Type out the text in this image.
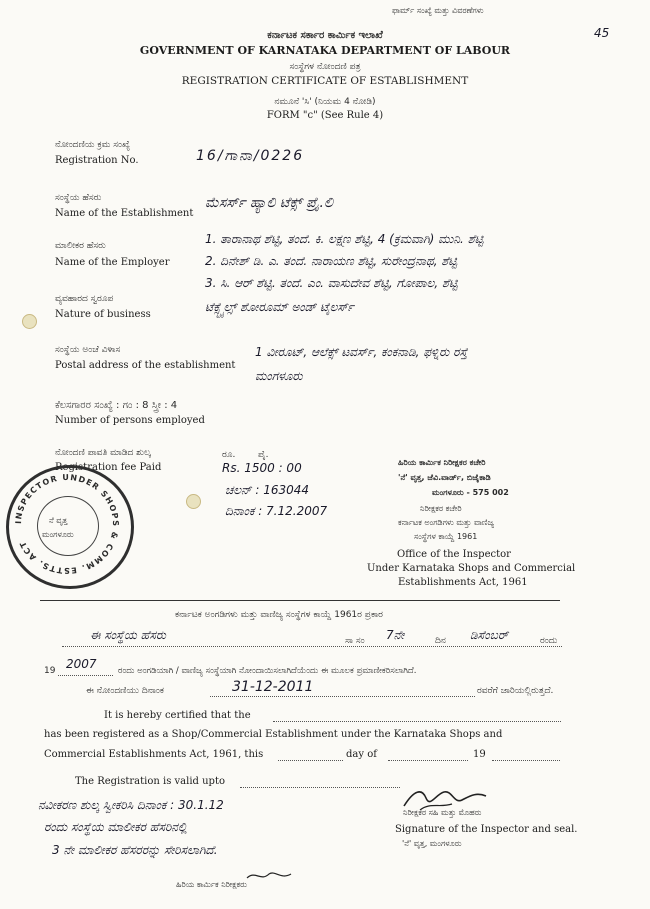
ಫಾರ್ಮ್ ಸಂಖ್ಯೆ ಮತ್ತು ವಿವರಣೆಗಳು
45
ಕರ್ನಾಟಕ ಸರ್ಕಾರ ಕಾರ್ಮಿಕ ಇಲಾಖೆ
GOVERNMENT OF KARNATAKA DEPARTMENT OF LABOUR
ಸಂಸ್ಥೆಗಳ ನೋಂದಣಿ ಪತ್ರ
REGISTRATION CERTIFICATE OF ESTABLISHMENT
ನಮೂನೆ 'ಸಿ' (ನಿಯಮ 4 ನೋಡಿ)
FORM "c" (See Rule 4)
ನೋಂದಣಿಯ ಕ್ರಮ ಸಂಖ್ಯೆ
Registration No.	16/ಗಾನಾ/0226
ಸಂಸ್ಥೆಯ ಹೆಸರು
Name of the Establishment
ಮೆಸರ್ಸ್ ಹ್ಯಾಲಿ ಟೆಕ್ಸ್ ಪ್ರೈ.ಲಿ
ಮಾಲೀಕರ ಹೆಸರು
Name of the Employer
1. ತಾರಾನಾಥ ಶೆಟ್ಟಿ, ತಂದೆ. ಕಿ. ಲಕ್ಷ್ಮಣ ಶೆಟ್ಟಿ, 4 (ಕ್ರಮವಾಗಿ) ಮುನಿ. ಶೆಟ್ಟಿ
2. ದಿನೇಶ್ ಡಿ. ಎ. ತಂದೆ. ನಾರಾಯಣ ಶೆಟ್ಟಿ, ಸುರೇಂದ್ರನಾಥ, ಶೆಟ್ಟಿ
3. ಸಿ. ಆರ್ ಶೆಟ್ಟಿ. ತಂದೆ. ಎಂ. ವಾಸುದೇವ ಶೆಟ್ಟಿ, ಗೋಪಾಲ, ಶೆಟ್ಟಿ
ವ್ಯವಹಾರದ ಸ್ವರೂಪ
Nature of business
ಟೆಕ್ಸ್ಟೈಲ್ಸ್ ಶೋರೂಮ್ ಅಂಡ್ ಟೈಲರ್ಸ್
ಸಂಸ್ಥೆಯ ಅಂಚೆ ವಿಳಾಸ
Postal address of the establishment
1 ವೀರೂಟ್, ಆಲೆಕ್ಸ್ ಟವರ್ಸ್, ಕಂಕನಾಡಿ, ಫಳ್ನಿರು ರಸ್ತೆ
ಮಂಗಳೂರು
ಕೆಲಸಗಾರರ ಸಂಖ್ಯೆ : ಗಂ : 8 ಸ್ತ್ರೀ : 4
Number of persons employed
ನೋಂದಣಿ ಪಾವತಿ ಮಾಡಿದ ಶುಲ್ಕ
Registration fee Paid
ರೂ.	ಪೈ.
Rs. 1500 : 00
ಚಲನ್ : 163044
ದಿನಾಂಕ : 7.12.2007
ಹಿರಿಯ ಕಾರ್ಮಿಕ ನಿರೀಕ್ಷಕರ ಕಚೇರಿ
'ನೆ' ವೃತ್ತ, ಜೆವಿ.ವಾರ್ಡ್, ಬಿಜೈಕಾಡಿ
ಮಂಗಳೂರು - 575 002
ನಿರೀಕ್ಷಕರ ಕಚೇರಿ
ಕರ್ನಾಟಕ ಅಂಗಡಿಗಳು ಮತ್ತು ವಾಣಿಜ್ಯ
ಸಂಸ್ಥೆಗಳ ಕಾಯ್ದೆ 1961
Office of the Inspector
Under Karnataka Shops and Commercial
Establishments Act, 1961
INSPECTOR UNDER SHOPS & COMM. ESTTS. ACT
ನೆ ವೃತ್ತ
ಮಂಗಳೂರು
ಕರ್ನಾಟಕ ಅಂಗಡಿಗಳು ಮತ್ತು ವಾಣಿಜ್ಯ ಸಂಸ್ಥೆಗಳ ಕಾಯ್ದೆ 1961ರ ಪ್ರಕಾರ
ಈ ಸಂಸ್ಥೆಯ ಹೆಸರು	ಸಾ ಸಂ 7ನೇ	ದಿನ ಡಿಸೆಂಬರ್	ರಂದು
19 2007	ರಂದು ಅಂಗಡಿಯಾಗಿ / ವಾಣಿಜ್ಯ ಸಂಸ್ಥೆಯಾಗಿ ನೋಂದಾಯಿಸಲಾಗಿದೆಯೆಂದು ಈ ಮೂಲಕ ಪ್ರಮಾಣೀಕರಿಸಲಾಗಿದೆ.
ಈ ನೋಂದಣಿಯು ದಿನಾಂಕ	31-12-2011	ರವರೆಗೆ ಜಾರಿಯಲ್ಲಿರುತ್ತದೆ.
It is hereby certified that the
has been registered as a Shop/Commercial Establishment under the Karnataka Shops and
Commercial Establishments Act, 1961, this	day of	19
The Registration is valid upto
ನವೀಕರಣ ಶುಲ್ಕ ಸ್ವೀಕರಿಸಿ ದಿನಾಂಕ : 30.1.12
ರಂದು ಸಂಸ್ಥೆಯ ಮಾಲೀಕರ ಹೆಸರಿನಲ್ಲಿ
3 ನೇ ಮಾಲೀಕರ ಹೆಸರರನ್ನು ಸೇರಿಸಲಾಗಿದೆ.
ಹಿರಿಯ ಕಾರ್ಮಿಕ ನಿರೀಕ್ಷಕರು
ನಿರೀಕ್ಷಕರ ಸಹಿ ಮತ್ತು ಮೊಹರು
Signature of the Inspector and seal.
'ನೆ' ವೃತ್ತ, ಮಂಗಳೂರು
